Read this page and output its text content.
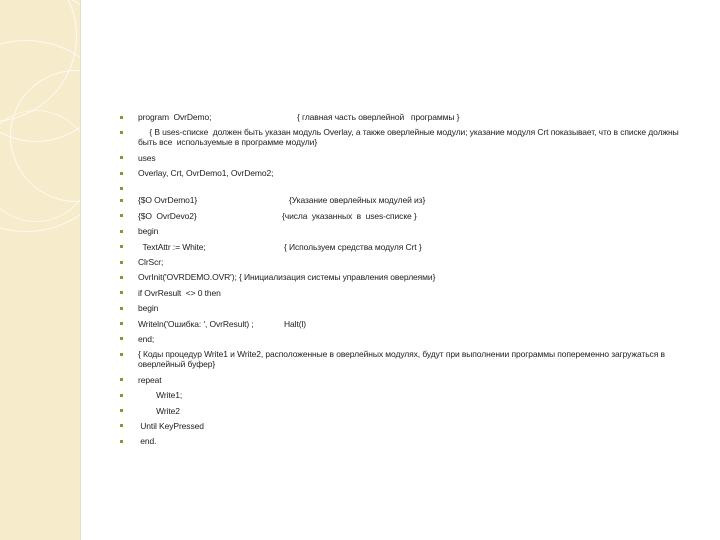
program  OvrDemo;	{ главная часть оверлейной   программы }
{ В uses-списке  должен быть указан модуль Overlay, а также оверлейные модули; указание модуля Crt показывает, что в списке должны быть все  используемые в программе модули}
uses
Overlay, Crt, OvrDemo1, OvrDemo2;
{$O OvrDemo1}	{Указание оверлейных модулей из}
{$O  OvrDevo2}	{числа  указанных  в  uses-списке }
begin
TextAttr := White;	{ Используем средства модуля Crt }
ClrScr;
OvrInit('OVRDEMO.OVR'); { Инициализация системы управления оверлеями}
if OvrResult  <> 0 then
begin
Writeln('Ошибка: ', OvrResult) ;	Halt(l)
end;
{ Коды процедур Write1 и Write2, расположенные в оверлейных модулях, будут при выполнении программы попеременно загружаться в оверлейный буфер}
repeat
Write1;
Write2
Until KeyPressed
end.
